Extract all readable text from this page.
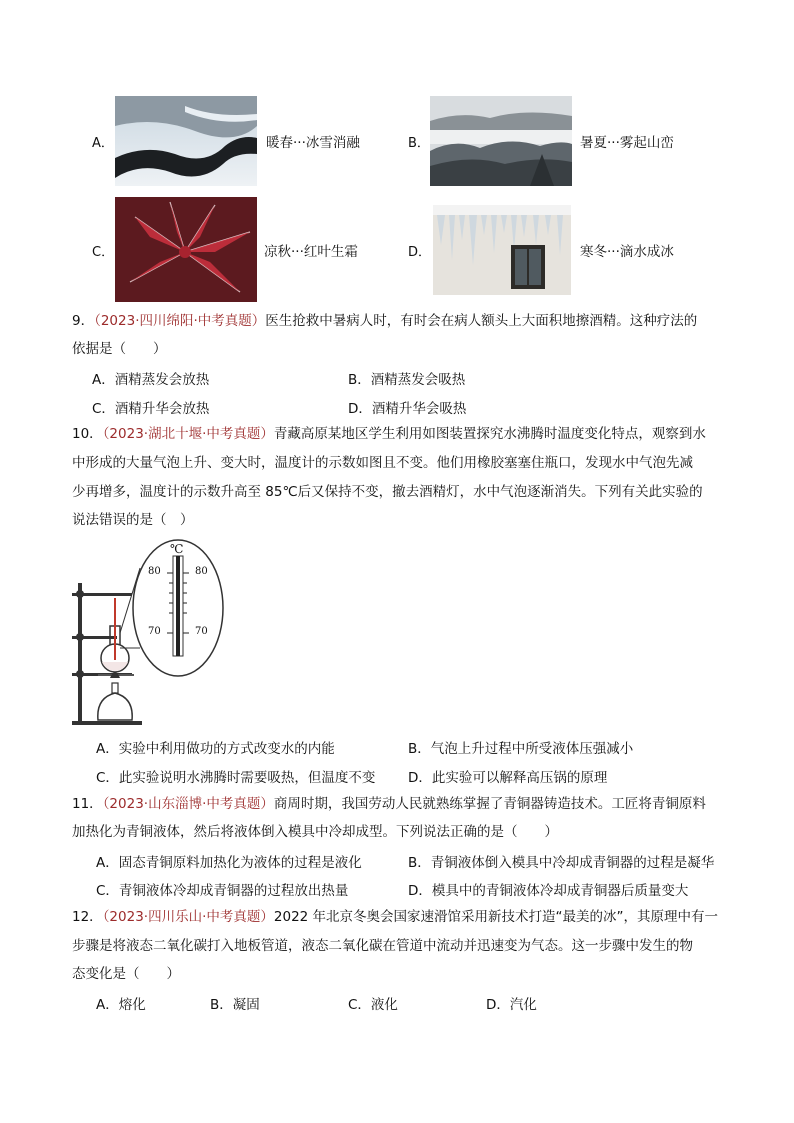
A．	暖春···冰雪消融	B．	暑夏···雾起山峦
C．	凉秋···红叶生霜	D．	寒冬···滴水成冰
9．（2023·四川绵阳·中考真题）医生抢救中暑病人时，有时会在病人额头上大面积地擦酒精。这种疗法的
依据是（　　）
A．酒精蒸发会放热	B．酒精蒸发会吸热
C．酒精升华会放热	D．酒精升华会吸热
10．（2023·湖北十堰·中考真题）青藏高原某地区学生利用如图装置探究水沸腾时温度变化特点，观察到水
中形成的大量气泡上升、变大时，温度计的示数如图且不变。他们用橡胶塞塞住瓶口，发现水中气泡先减
少再增多，温度计的示数升高至 85℃后又保持不变，撤去酒精灯，水中气泡逐渐消失。下列有关此实验的
说法错误的是（　）
℃
80	80
70	70
A．实验中利用做功的方式改变水的内能	B．气泡上升过程中所受液体压强减小
C．此实验说明水沸腾时需要吸热，但温度不变 D．此实验可以解释高压锅的原理
11．（2023·山东淄博·中考真题）商周时期，我国劳动人民就熟练掌握了青铜器铸造技术。工匠将青铜原料
加热化为青铜液体，然后将液体倒入模具中冷却成型。下列说法正确的是（　　）
A．固态青铜原料加热化为液体的过程是液化	B．青铜液体倒入模具中冷却成青铜器的过程是凝华
C．青铜液体冷却成青铜器的过程放出热量	D．模具中的青铜液体冷却成青铜器后质量变大
12．（2023·四川乐山·中考真题）2022 年北京冬奥会国家速滑馆采用新技术打造“最美的冰”，其原理中有一
步骤是将液态二氧化碳打入地板管道，液态二氧化碳在管道中流动并迅速变为气态。这一步骤中发生的物
态变化是（　　）
A．熔化	B．凝固	C．液化	D．汽化
